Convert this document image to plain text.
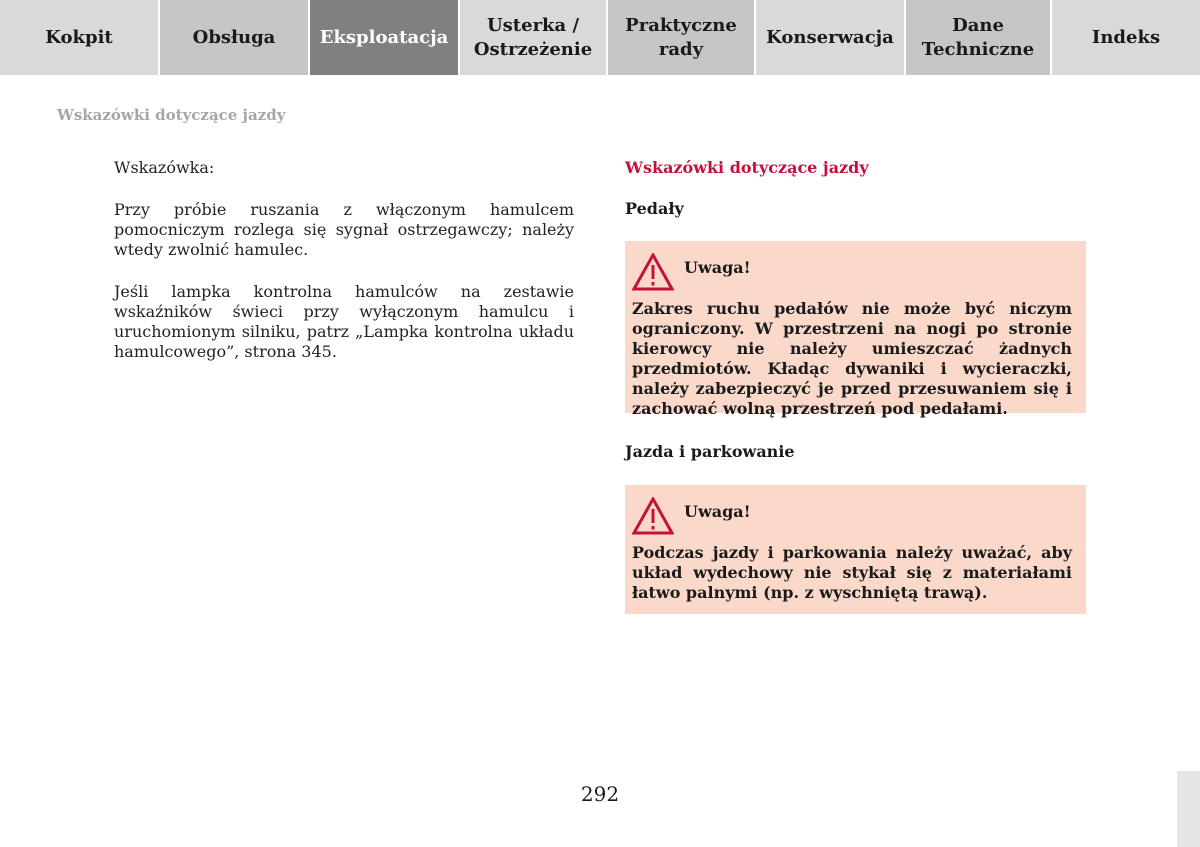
Kokpit	Obsługa Eksploatacja
Usterka /
Ostrzeżenie
Praktyczne
rady
Konserwacja
Dane
Techniczne
Indeks
Wskazówki dotyczące jazdy

Wskazówka:

Przy próbie ruszania z włączonym hamulcem pomocniczym rozlega się sygnał ostrzegawczy; należy wtedy zwolnić hamulec.

Jeśli lampka kontrolna hamulców na zestawie wskaźników świeci przy wyłączonym hamulcu i uruchomionym silniku, patrz „Lampka kontrolna układu hamulcowego”, strona 345.

Wskazówki dotyczące jazdy

Pedały

Uwaga!

Zakres ruchu pedałów nie może być niczym ograniczony. W przestrzeni na nogi po stronie kierowcy nie należy umieszczać żadnych przedmiotów. Kładąc dywaniki i wycieraczki, należy zabezpieczyć je przed przesuwaniem się i zachować wolną przestrzeń pod pedałami.

Jazda i parkowanie

Uwaga!

Podczas jazdy i parkowania należy uważać, aby układ wydechowy nie stykał się z materiałami łatwo palnymi (np. z wyschniętą trawą).

292
